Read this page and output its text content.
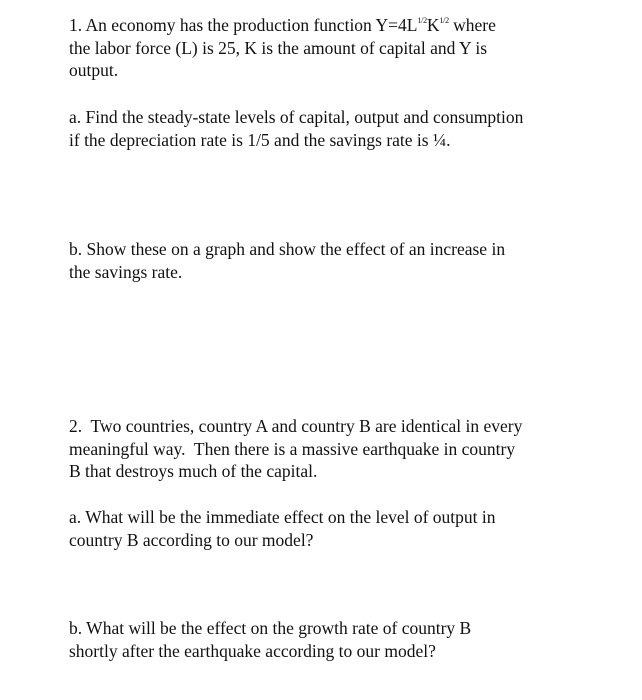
1. An economy has the production function $Y=4L^{1/2}K^{1/2}$ where
the labor force (L) is 25, K is the amount of capital and Y is
output.
a. Find the steady-state levels of capital, output and consumption
if the depreciation rate is 1/5 and the savings rate is ¼.
b. Show these on a graph and show the effect of an increase in
the savings rate.
2.  Two countries, country A and country B are identical in every
meaningful way.  Then there is a massive earthquake in country
B that destroys much of the capital.
a. What will be the immediate effect on the level of output in
country B according to our model?
b. What will be the effect on the growth rate of country B
shortly after the earthquake according to our model?
